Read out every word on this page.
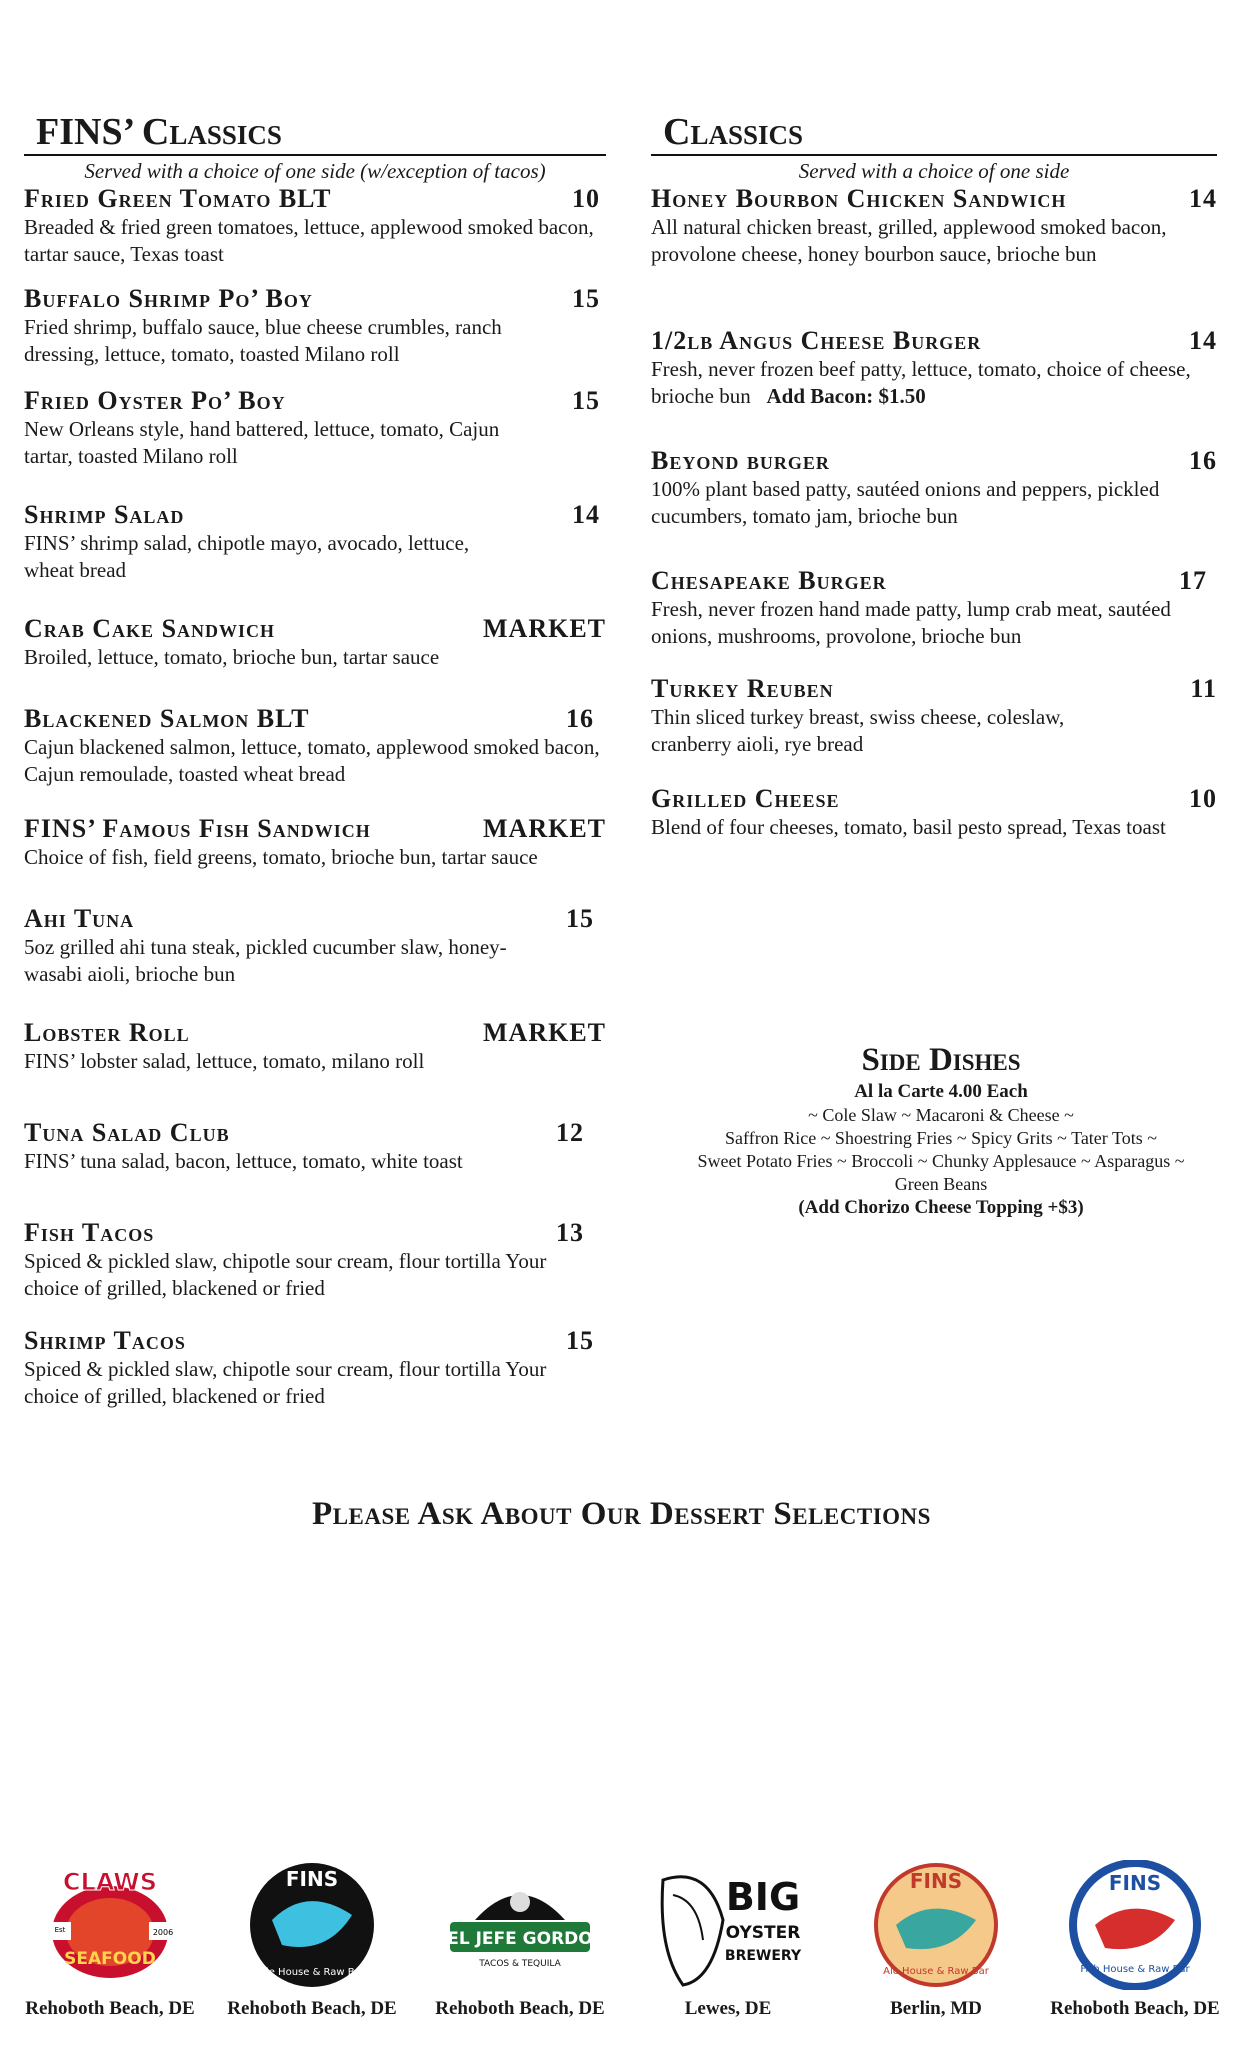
FINS’ Classics

Served with a choice of one side (w/exception of tacos)

Fried Green Tomato BLT	10
Breaded & fried green tomatoes, lettuce, applewood smoked bacon, tartar sauce, Texas toast
Buffalo Shrimp Po’ Boy	15
Fried shrimp, buffalo sauce, blue cheese crumbles, ranch dressing, lettuce, tomato, toasted Milano roll
Fried Oyster Po’ Boy	15
New Orleans style, hand battered, lettuce, tomato, Cajun tartar, toasted Milano roll
Shrimp Salad	14
FINS’ shrimp salad, chipotle mayo, avocado, lettuce, wheat bread
Crab Cake Sandwich	MARKET
Broiled, lettuce, tomato, brioche bun, tartar sauce
Blackened Salmon BLT	16
Cajun blackened salmon, lettuce, tomato, applewood smoked bacon, Cajun remoulade, toasted wheat bread
FINS’ Famous Fish Sandwich	MARKET
Choice of fish, field greens, tomato, brioche bun, tartar sauce
Ahi Tuna	15
5oz grilled ahi tuna steak, pickled cucumber slaw, honey-wasabi aioli, brioche bun
Lobster Roll	MARKET
FINS’ lobster salad, lettuce, tomato, milano roll
Tuna Salad Club	12
FINS’ tuna salad, bacon, lettuce, tomato, white toast
Fish Tacos	13
Spiced & pickled slaw, chipotle sour cream, flour tortilla Your choice of grilled, blackened or fried
Shrimp Tacos	15
Spiced & pickled slaw, chipotle sour cream, flour tortilla Your choice of grilled, blackened or fried
Classics

Served with a choice of one side

Honey Bourbon Chicken Sandwich	14
All natural chicken breast, grilled, applewood smoked bacon, provolone cheese, honey bourbon sauce, brioche bun
1/2lb Angus Cheese Burger	14
Fresh, never frozen beef patty, lettuce, tomato, choice of cheese, brioche bun Add Bacon: $1.50
Beyond burger	16
100% plant based patty, sautéed onions and peppers, pickled cucumbers, tomato jam, brioche bun
Chesapeake Burger	17
Fresh, never frozen hand made patty, lump crab meat, sautéed onions, mushrooms, provolone, brioche bun
Turkey Reuben	11
Thin sliced turkey breast, swiss cheese, coleslaw, cranberry aioli, rye bread
Grilled Cheese	10
Blend of four cheeses, tomato, basil pesto spread, Texas toast
Side Dishes
Al la Carte 4.00 Each
~ Cole Slaw ~ Macaroni & Cheese ~
Saffron Rice ~ Shoestring Fries ~ Spicy Grits ~ Tater Tots ~
Sweet Potato Fries ~ Broccoli ~ Chunky Applesauce ~ Asparagus ~
Green Beans
(Add Chorizo Cheese Topping +$3)
Please Ask About Our Dessert Selections
CLAWS
Est	2006
SEAFOOD
Rehoboth Beach, DE
FINS
Ale House & Raw Bar
Rehoboth Beach, DE
EL JEFE GORDO
TACOS & TEQUILA
Rehoboth Beach, DE
BIG
OYSTER
BREWERY
Lewes, DE
FINS
Ale House & Raw Bar
Berlin, MD
FINS
Fish House & Raw Bar
Rehoboth Beach, DE
